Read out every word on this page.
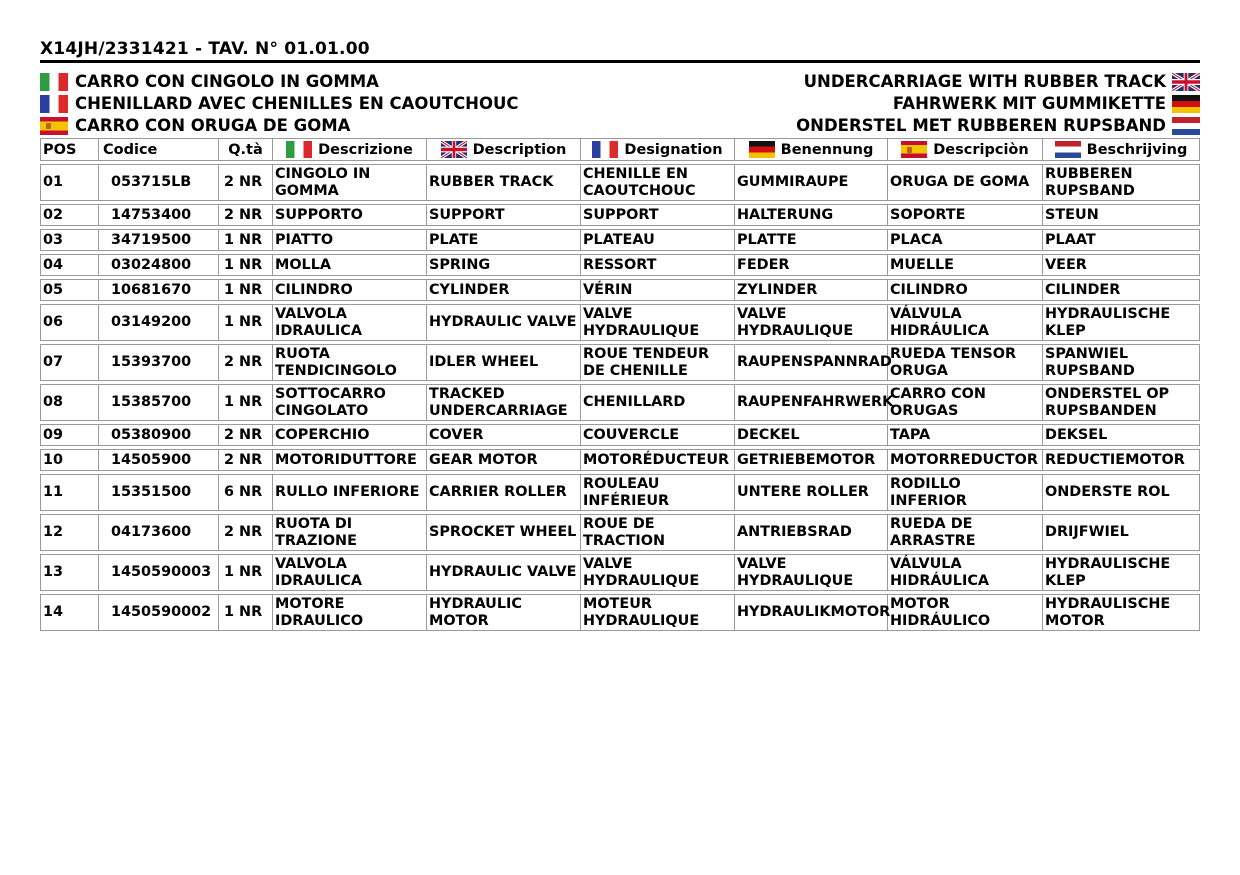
X14JH/2331421 - TAV. N° 01.01.00
CARRO CON CINGOLO IN GOMMA
CHENILLARD AVEC CHENILLES EN CAOUTCHOUC
CARRO CON ORUGA DE GOMA
UNDERCARRIAGE WITH RUBBER TRACK
FAHRWERK MIT GUMMIKETTE
ONDERSTEL MET RUBBEREN RUPSBAND
POS	Codice	Q.tà	Descrizione	Description	Designation	Benennung	Descripciòn	Beschrijving

01	053715LB	2 NR	CINGOLO IN GOMMA	RUBBER TRACK	CHENILLE EN CAOUTCHOUC	GUMMIRAUPE	ORUGA DE GOMA	RUBBEREN RUPSBAND

02	14753400	2 NR	SUPPORTO	SUPPORT	SUPPORT	HALTERUNG	SOPORTE	STEUN

03	34719500	1 NR	PIATTO	PLATE	PLATEAU	PLATTE	PLACA	PLAAT

04	03024800	1 NR	MOLLA	SPRING	RESSORT	FEDER	MUELLE	VEER

05	10681670	1 NR	CILINDRO	CYLINDER	VÉRIN	ZYLINDER	CILINDRO	CILINDER

06	03149200	1 NR	VALVOLA IDRAULICA	HYDRAULIC VALVE	VALVE HYDRAULIQUE	VALVE HYDRAULIQUE	VÁLVULA HIDRÁULICA	HYDRAULISCHE KLEP

07	15393700	2 NR	RUOTA TENDICINGOLO	IDLER WHEEL	ROUE TENDEUR DE CHENILLE	RAUPENSPANNRAD	RUEDA TENSOR ORUGA	SPANWIEL RUPSBAND

08	15385700	1 NR	SOTTOCARRO CINGOLATO	TRACKED UNDERCARRIAGE	CHENILLARD	RAUPENFAHRWERK	CARRO CON ORUGAS	ONDERSTEL OP RUPSBANDEN

09	05380900	2 NR	COPERCHIO	COVER	COUVERCLE	DECKEL	TAPA	DEKSEL

10	14505900	2 NR	MOTORIDUTTORE	GEAR MOTOR	MOTORÉDUCTEUR	GETRIEBEMOTOR	MOTORREDUCTOR	REDUCTIEMOTOR

11	15351500	6 NR	RULLO INFERIORE	CARRIER ROLLER	ROULEAU INFÉRIEUR	UNTERE ROLLER	RODILLO INFERIOR	ONDERSTE ROL

12	04173600	2 NR	RUOTA DI TRAZIONE	SPROCKET WHEEL	ROUE DE TRACTION	ANTRIEBSRAD	RUEDA DE ARRASTRE	DRIJFWIEL

13	1450590003	1 NR	VALVOLA IDRAULICA	HYDRAULIC VALVE	VALVE HYDRAULIQUE	VALVE HYDRAULIQUE	VÁLVULA HIDRÁULICA	HYDRAULISCHE KLEP

14	1450590002	1 NR	MOTORE IDRAULICO	HYDRAULIC MOTOR	MOTEUR HYDRAULIQUE	HYDRAULIKMOTOR	MOTOR HIDRÁULICO	HYDRAULISCHE MOTOR
